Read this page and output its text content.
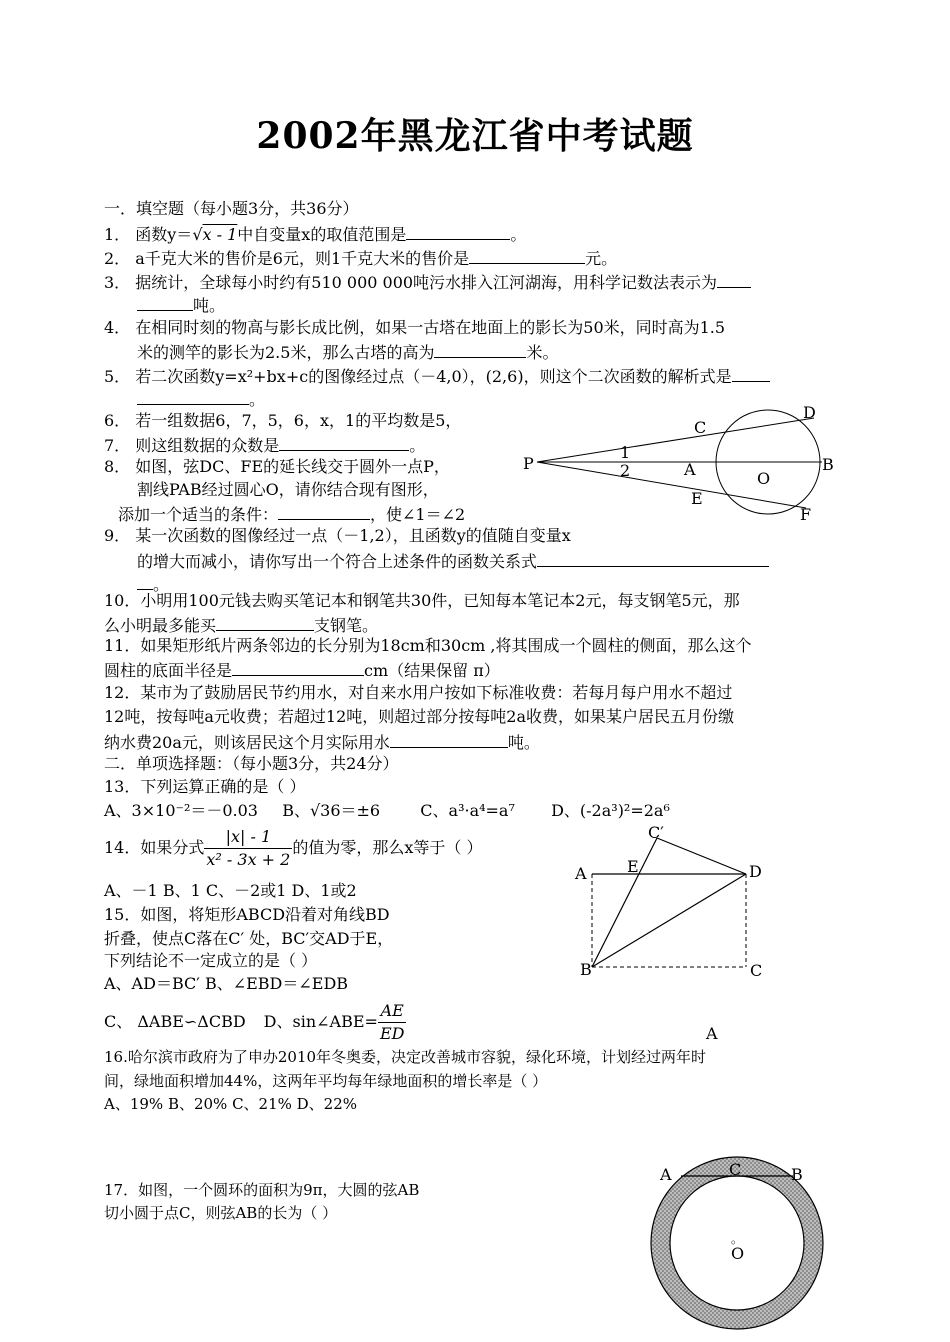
2002年黑龙江省中考试题
一．填空题（每小题3分，共36分）
1． 函数y＝√x - 1中自变量x的取值范围是	。
2． a千克大米的售价是6元，则1千克大米的售价是	元。
3． 据统计，全球每小时约有510 000 000吨污水排入江河湖海，用科学记数法表示为
吨。
4． 在相同时刻的物高与影长成比例，如果一古塔在地面上的影长为50米，同时高为1.5
米的测竿的影长为2.5米，那么古塔的高为	米。
5． 若二次函数y=x²+bx+c的图像经过点（－4,0），(2,6)，则这个二次函数的解析式是
。
6． 若一组数据6，7，5，6，x，1的平均数是5，
7． 则这组数据的众数是	。
8． 如图，弦DC、FE的延长线交于圆外一点P，
割线PAB经过圆心O，请你结合现有图形，
添加一个适当的条件：	，使∠1＝∠2
9． 某一次函数的图像经过一点（－1,2），且函数y的值随自变量x
的增大而减小，请你写出一个符合上述条件的函数关系式
。
10．小明用100元钱去购买笔记本和钢笔共30件，已知每本笔记本2元，每支钢笔5元，那
么小明最多能买	支钢笔。
11．如果矩形纸片两条邻边的长分别为18cm和30cm ,将其围成一个圆柱的侧面，那么这个
圆柱的底面半径是	cm（结果保留 π）
12．某市为了鼓励居民节约用水，对自来水用户按如下标准收费：若每月每户用水不超过
12吨，按每吨a元收费；若超过12吨，则超过部分按每吨2a收费，如果某户居民五月份缴
纳水费20a元，则该居民这个月实际用水	吨。
二．单项选择题：（每小题3分，共24分）
13．下列运算正确的是（ ）
A、3×10⁻²＝－0.03 B、√36＝±6	C、a³·a⁴=a⁷ D、(-2a³)²=2a⁶
14．如果分式 $\frac{|x| - 1}{\text{x² - 3x + 2}}$ 的值为零，那么x等于（ ）
A、－1 B、1 C、－2或1 D、1或2
15．如图，将矩形ABCD沿着对角线BD
折叠，使点C落在C′ 处，BC′交AD于E，
下列结论不一定成立的是（ ）
A、AD＝BC′ B、∠EBD＝∠EDB
C、 ΔABE∽ΔCBD D、sin∠ABE= $\frac{AE}{ED}$	A
16.哈尔滨市政府为了申办2010年冬奥委，决定改善城市容貌，绿化环境，计划经过两年时
间，绿地面积增加44%，这两年平均每年绿地面积的增长率是（ ）
A、19% B、20% C、21% D、22%
17．如图，一个圆环的面积为9π，大圆的弦AB
切小圆于点C，则弦AB的长为（ ）
P	A	B
C
D
E
F
O
1
2
A
B	C
D
E
C′
A	B
C
。
O
